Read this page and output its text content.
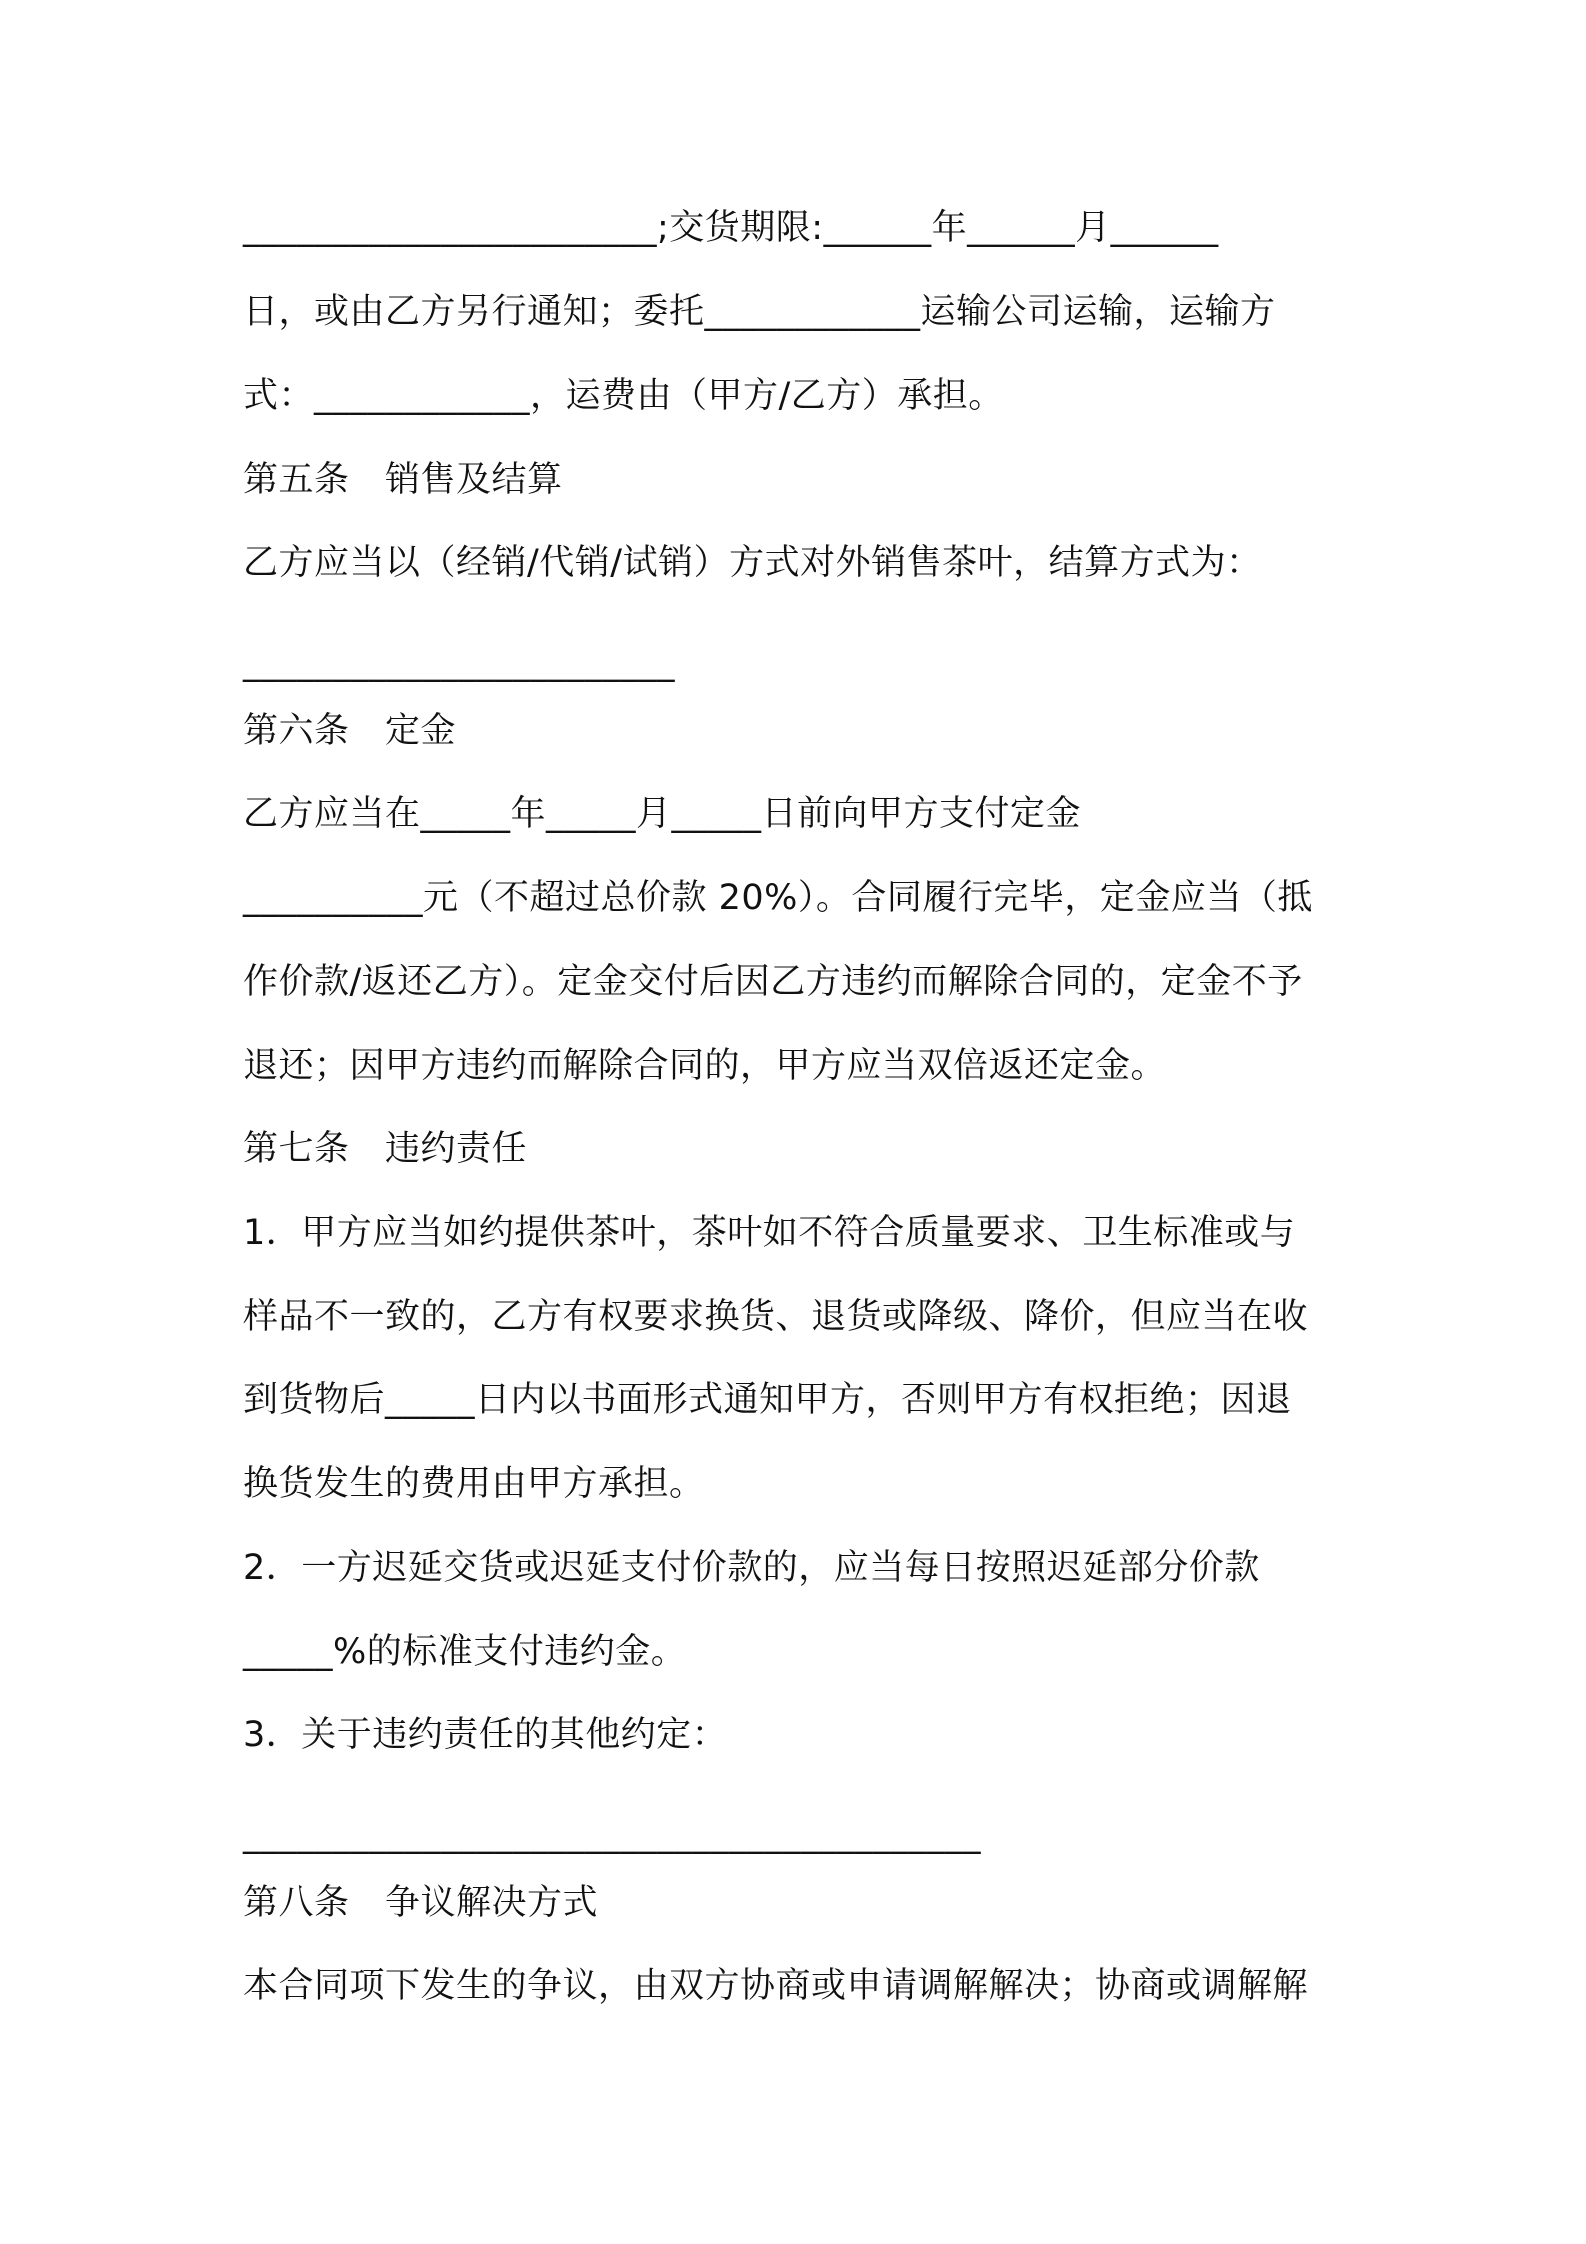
_______________________;交货期限:______年______月______
日，或由乙方另行通知；委托____________运输公司运输，运输方
式：____________，运费由（甲方/乙方）承担。
第五条　销售及结算
乙方应当以（经销/代销/试销）方式对外销售茶叶，结算方式为：
________________________
第六条　定金
乙方应当在_____年_____月_____日前向甲方支付定金
__________元（不超过总价款 20%）。合同履行完毕，定金应当（抵
作价款/返还乙方）。定金交付后因乙方违约而解除合同的，定金不予
退还；因甲方违约而解除合同的，甲方应当双倍返还定金。
第七条　违约责任
1．甲方应当如约提供茶叶，茶叶如不符合质量要求、卫生标准或与
样品不一致的，乙方有权要求换货、退货或降级、降价，但应当在收
到货物后_____日内以书面形式通知甲方，否则甲方有权拒绝；因退
换货发生的费用由甲方承担。
2．一方迟延交货或迟延支付价款的，应当每日按照迟延部分价款
_____%的标准支付违约金。
3．关于违约责任的其他约定：
_________________________________________
第八条　争议解决方式
本合同项下发生的争议，由双方协商或申请调解解决；协商或调解解
